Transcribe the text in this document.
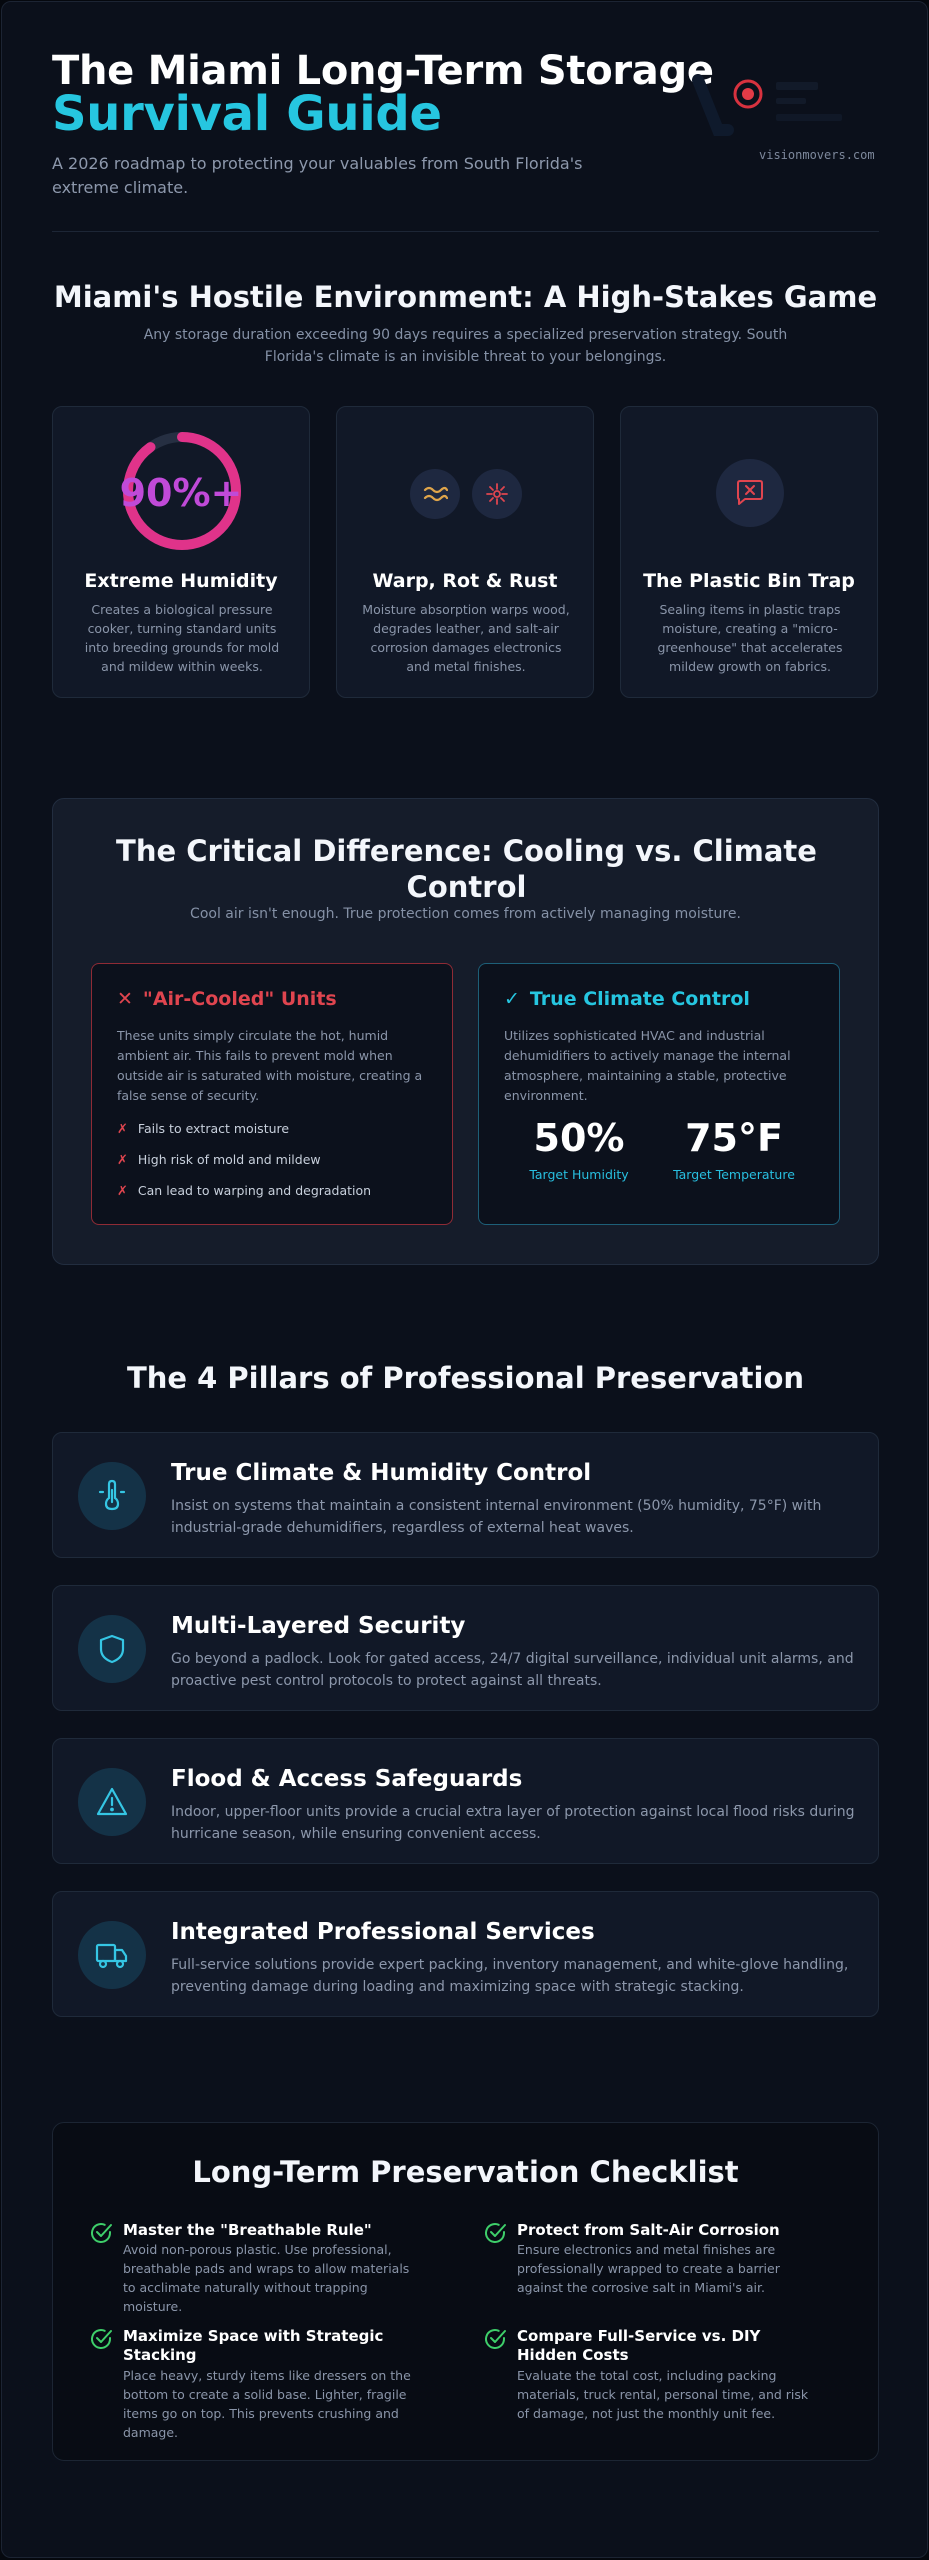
The Miami Long-Term Storage
Survival Guide
A 2026 roadmap to protecting your valuables from South Florida's extreme climate.
visionmovers.com
Miami's Hostile Environment: A High-Stakes Game
Any storage duration exceeding 90 days requires a specialized preservation strategy. South Florida's climate is an invisible threat to your belongings.
90%+
Extreme Humidity
Creates a biological pressure cooker, turning standard units into breeding grounds for mold and mildew within weeks.
Warp, Rot & Rust
Moisture absorption warps wood, degrades leather, and salt-air corrosion damages electronics and metal finishes.
The Plastic Bin Trap
Sealing items in plastic traps moisture, creating a "micro-greenhouse" that accelerates mildew growth on fabrics.
The Critical Difference: Cooling vs. Climate Control
Cool air isn't enough. True protection comes from actively managing moisture.
✕ "Air-Cooled" Units
These units simply circulate the hot, humid ambient air. This fails to prevent mold when outside air is saturated with moisture, creating a false sense of security.
✗ Fails to extract moisture
✗ High risk of mold and mildew
✗ Can lead to warping and degradation
✓ True Climate Control
Utilizes sophisticated HVAC and industrial dehumidifiers to actively manage the internal atmosphere, maintaining a stable, protective environment.
50%
Target Humidity
75°F
Target Temperature
The 4 Pillars of Professional Preservation
True Climate & Humidity Control
Insist on systems that maintain a consistent internal environment (50% humidity, 75°F) with industrial-grade dehumidifiers, regardless of external heat waves.
Multi-Layered Security
Go beyond a padlock. Look for gated access, 24/7 digital surveillance, individual unit alarms, and proactive pest control protocols to protect against all threats.
Flood & Access Safeguards
Indoor, upper-floor units provide a crucial extra layer of protection against local flood risks during hurricane season, while ensuring convenient access.
Integrated Professional Services
Full-service solutions provide expert packing, inventory management, and white-glove handling, preventing damage during loading and maximizing space with strategic stacking.
Long-Term Preservation Checklist
Master the "Breathable Rule"
Avoid non-porous plastic. Use professional, breathable pads and wraps to allow materials to acclimate naturally without trapping moisture.
Protect from Salt-Air Corrosion
Ensure electronics and metal finishes are professionally wrapped to create a barrier against the corrosive salt in Miami's air.
Maximize Space with Strategic Stacking
Place heavy, sturdy items like dressers on the bottom to create a solid base. Lighter, fragile items go on top. This prevents crushing and damage.
Compare Full-Service vs. DIY Hidden Costs
Evaluate the total cost, including packing materials, truck rental, personal time, and risk of damage, not just the monthly unit fee.
